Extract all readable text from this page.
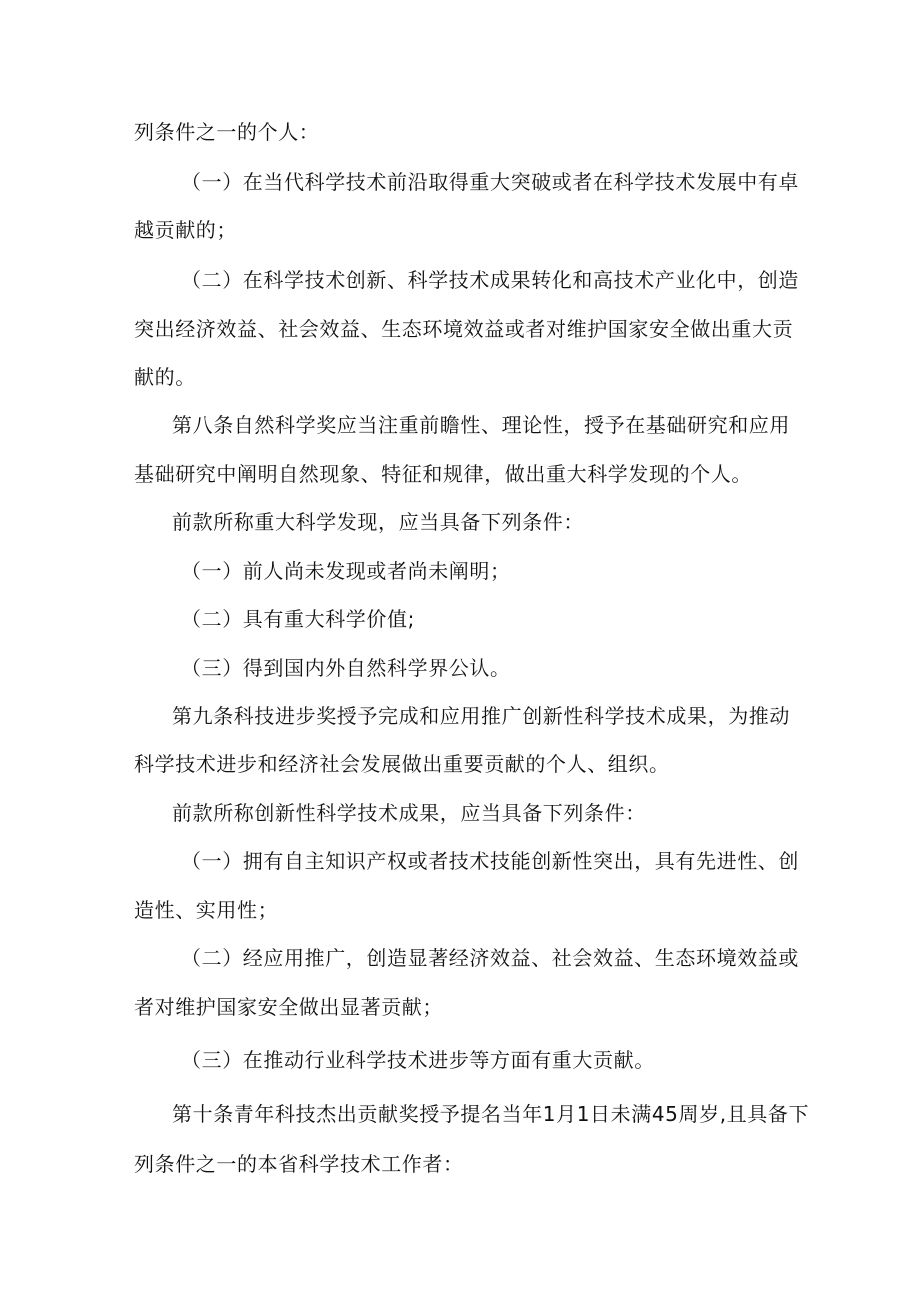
列条件之一的个人：
（一）在当代科学技术前沿取得重大突破或者在科学技术发展中有卓
越贡献的；
（二）在科学技术创新、科学技术成果转化和高技术产业化中，创造
突出经济效益、社会效益、生态环境效益或者对维护国家安全做出重大贡
献的。
第八条自然科学奖应当注重前瞻性、理论性，授予在基础研究和应用
基础研究中阐明自然现象、特征和规律，做出重大科学发现的个人。
前款所称重大科学发现，应当具备下列条件：
（一）前人尚未发现或者尚未阐明；
（二）具有重大科学价值;
（三）得到国内外自然科学界公认。
第九条科技进步奖授予完成和应用推广创新性科学技术成果，为推动
科学技术进步和经济社会发展做出重要贡献的个人、组织。
前款所称创新性科学技术成果，应当具备下列条件：
（一）拥有自主知识产权或者技术技能创新性突出，具有先进性、创
造性、实用性；
（二）经应用推广，创造显著经济效益、社会效益、生态环境效益或
者对维护国家安全做出显著贡献；
（三）在推动行业科学技术进步等方面有重大贡献。
第十条青年科技杰出贡献奖授予提名当年1月1日未满45周岁,且具备下
列条件之一的本省科学技术工作者：
